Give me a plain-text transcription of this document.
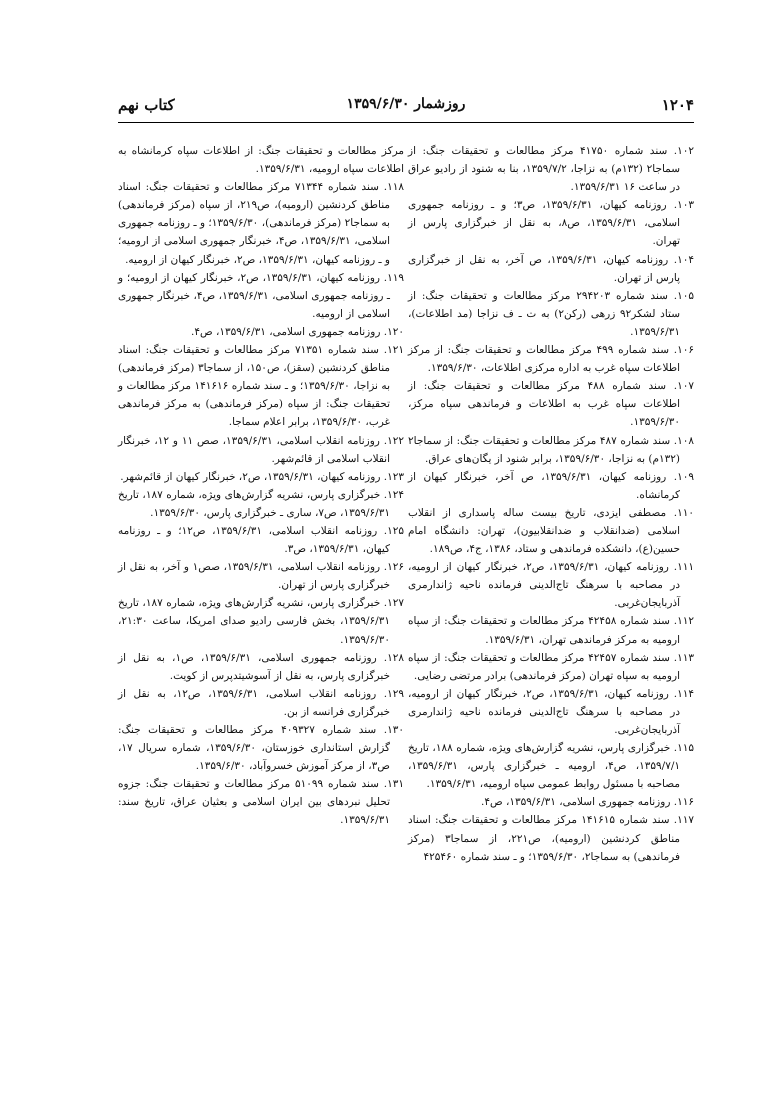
۱۲۰۴
روزشمار ۱۳۵۹/۶/۳۰
کتاب نهم

۱۰۲. سند شماره ۴۱۷۵۰ مرکز مطالعات و تحقیقات جنگ: از سماجا۲ (۱۳۲م) به نزاجا، ۱۳۵۹/۷/۲، بنا به شنود از رادیو عراق در ساعت ۱۶ ۱۳۵۹/۶/۳۱.

۱۰۳. روزنامه کیهان، ۱۳۵۹/۶/۳۱، ص۳؛ و ـ روزنامه جمهوری اسلامی، ۱۳۵۹/۶/۳۱، ص۸، به نقل از خبرگزاری پارس از تهران.

۱۰۴. روزنامه کیهان، ۱۳۵۹/۶/۳۱، ص آخر، به نقل از خبرگزاری پارس از تهران.

۱۰۵. سند شماره ۲۹۴۲۰۳ مرکز مطالعات و تحقیقات جنگ: از ستاد لشکر۹۲ زرهی (رکن۲) به ت ـ ف نزاجا (مد اطلاعات)، ۱۳۵۹/۶/۳۱.

۱۰۶. سند شماره ۴۹۹ مرکز مطالعات و تحقیقات جنگ: از مرکز اطلاعات سپاه غرب به اداره مرکزی اطلاعات، ۱۳۵۹/۶/۳۰.

۱۰۷. سند شماره ۴۸۸ مرکز مطالعات و تحقیقات جنگ: از اطلاعات سپاه غرب به اطلاعات و فرماندهی سپاه مرکز، ۱۳۵۹/۶/۳۰.

۱۰۸. سند شماره ۴۸۷ مرکز مطالعات و تحقیقات جنگ: از سماجا۲ (۱۳۲م) به نزاجا، ۱۳۵۹/۶/۳۰، برابر شنود از یگان‌های عراق.

۱۰۹. روزنامه کیهان، ۱۳۵۹/۶/۳۱، ص آخر، خبرنگار کیهان از کرمانشاه.

۱۱۰. مصطفی ایزدی، تاریخ بیست ساله پاسداری از انقلاب اسلامی (ضدانقلاب و ضدانقلابیون)، تهران: دانشگاه امام حسین(ع)، دانشکده فرماندهی و ستاد، ۱۳۸۶، ج۴، ص۱۸۹.

۱۱۱. روزنامه کیهان، ۱۳۵۹/۶/۳۱، ص۲، خبرنگار کیهان از ارومیه، در مصاحبه با سرهنگ تاج‌الدینی فرمانده ناحیه ژاندارمری آذربایجان‌غربی.

۱۱۲. سند شماره ۴۲۴۵۸ مرکز مطالعات و تحقیقات جنگ: از سپاه ارومیه به مرکز فرماندهی تهران، ۱۳۵۹/۶/۳۱.

۱۱۳. سند شماره ۴۲۴۵۷ مرکز مطالعات و تحقیقات جنگ: از سپاه ارومیه به سپاه تهران (مرکز فرماندهی) برادر مرتضی رضایی.

۱۱۴. روزنامه کیهان، ۱۳۵۹/۶/۳۱، ص۲، خبرنگار کیهان از ارومیه، در مصاحبه با سرهنگ تاج‌الدینی فرمانده ناحیه ژاندارمری آذربایجان‌غربی.

۱۱۵. خبرگزاری پارس، نشریه گزارش‌های ویژه، شماره ۱۸۸، تاریخ ۱۳۵۹/۷/۱، ص۴، ارومیه ـ خبرگزاری پارس، ۱۳۵۹/۶/۳۱، مصاحبه با مسئول روابط عمومی سپاه ارومیه، ۱۳۵۹/۶/۳۱.

۱۱۶. روزنامه جمهوری اسلامی، ۱۳۵۹/۶/۳۱، ص۴.

۱۱۷. سند شماره ۱۴۱۶۱۵ مرکز مطالعات و تحقیقات جنگ: اسناد مناطق کردنشین (ارومیه)، ص۲۲۱، از سماجا۳ (مرکز فرماندهی) به سماجا۲، ۱۳۵۹/۶/۳۰؛ و ـ سند شماره ۴۲۵۴۶۰

مرکز مطالعات و تحقیقات جنگ: از اطلاعات سپاه کرمانشاه به اطلاعات سپاه ارومیه، ۱۳۵۹/۶/۳۱.

۱۱۸. سند شماره ۷۱۳۴۴ مرکز مطالعات و تحقیقات جنگ: اسناد مناطق کردنشین (ارومیه)، ص۲۱۹، از سپاه (مرکز فرماندهی) به سماجا۲ (مرکز فرماندهی)، ۱۳۵۹/۶/۳۰؛ و ـ روزنامه جمهوری اسلامی، ۱۳۵۹/۶/۳۱، ص۴، خبرنگار جمهوری اسلامی از ارومیه؛ و ـ روزنامه کیهان، ۱۳۵۹/۶/۳۱، ص۲، خبرنگار کیهان از ارومیه.

۱۱۹. روزنامه کیهان، ۱۳۵۹/۶/۳۱، ص۲، خبرنگار کیهان از ارومیه؛ و ـ روزنامه جمهوری اسلامی، ۱۳۵۹/۶/۳۱، ص۴، خبرنگار جمهوری اسلامی از ارومیه.

۱۲۰. روزنامه جمهوری اسلامی، ۱۳۵۹/۶/۳۱، ص۴.

۱۲۱. سند شماره ۷۱۳۵۱ مرکز مطالعات و تحقیقات جنگ: اسناد مناطق کردنشین (سقز)، ص۱۵۰، از سماجا۳ (مرکز فرماندهی) به نزاجا، ۱۳۵۹/۶/۳۰؛ و ـ سند شماره ۱۴۱۶۱۶ مرکز مطالعات و تحقیقات جنگ: از سپاه (مرکز فرماندهی) به مرکز فرماندهی غرب، ۱۳۵۹/۶/۳۰، برابر اعلام سماجا.

۱۲۲. روزنامه انقلاب اسلامی، ۱۳۵۹/۶/۳۱، صص ۱۱ و ۱۲، خبرنگار انقلاب اسلامی از قائم‌شهر.

۱۲۳. روزنامه کیهان، ۱۳۵۹/۶/۳۱، ص۲، خبرنگار کیهان از قائم‌شهر.

۱۲۴. خبرگزاری پارس، نشریه گزارش‌های ویژه، شماره ۱۸۷، تاریخ ۱۳۵۹/۶/۳۱، ص۷، ساری ـ خبرگزاری پارس، ۱۳۵۹/۶/۳۰.

۱۲۵. روزنامه انقلاب اسلامی، ۱۳۵۹/۶/۳۱، ص۱۲؛ و ـ روزنامه کیهان، ۱۳۵۹/۶/۳۱، ص۳.

۱۲۶. روزنامه انقلاب اسلامی، ۱۳۵۹/۶/۳۱، صص۱ و آخر، به نقل از خبرگزاری پارس از تهران.

۱۲۷. خبرگزاری پارس، نشریه گزارش‌های ویژه، شماره ۱۸۷، تاریخ ۱۳۵۹/۶/۳۱، بخش فارسی رادیو صدای امریکا، ساعت ۲۱:۳۰، ۱۳۵۹/۶/۳۰.

۱۲۸. روزنامه جمهوری اسلامی، ۱۳۵۹/۶/۳۱، ص۱، به نقل از خبرگزاری پارس، به نقل از آسوشیتدپرس از کویت.

۱۲۹. روزنامه انقلاب اسلامی، ۱۳۵۹/۶/۳۱، ص۱۲، به نقل از خبرگزاری فرانسه از بن.

۱۳۰. سند شماره ۴۰۹۳۲۷ مرکز مطالعات و تحقیقات جنگ: گزارش استانداری خوزستان، ۱۳۵۹/۶/۳۰، شماره سریال ۱۷، ص۳، از مرکز آموزش خسروآباد، ۱۳۵۹/۶/۳۰.

۱۳۱. سند شماره ۵۱۰۹۹ مرکز مطالعات و تحقیقات جنگ: جزوه تحلیل نبردهای بین ایران اسلامی و بعثیان عراق، تاریخ سند: ۱۳۵۹/۶/۳۱.
